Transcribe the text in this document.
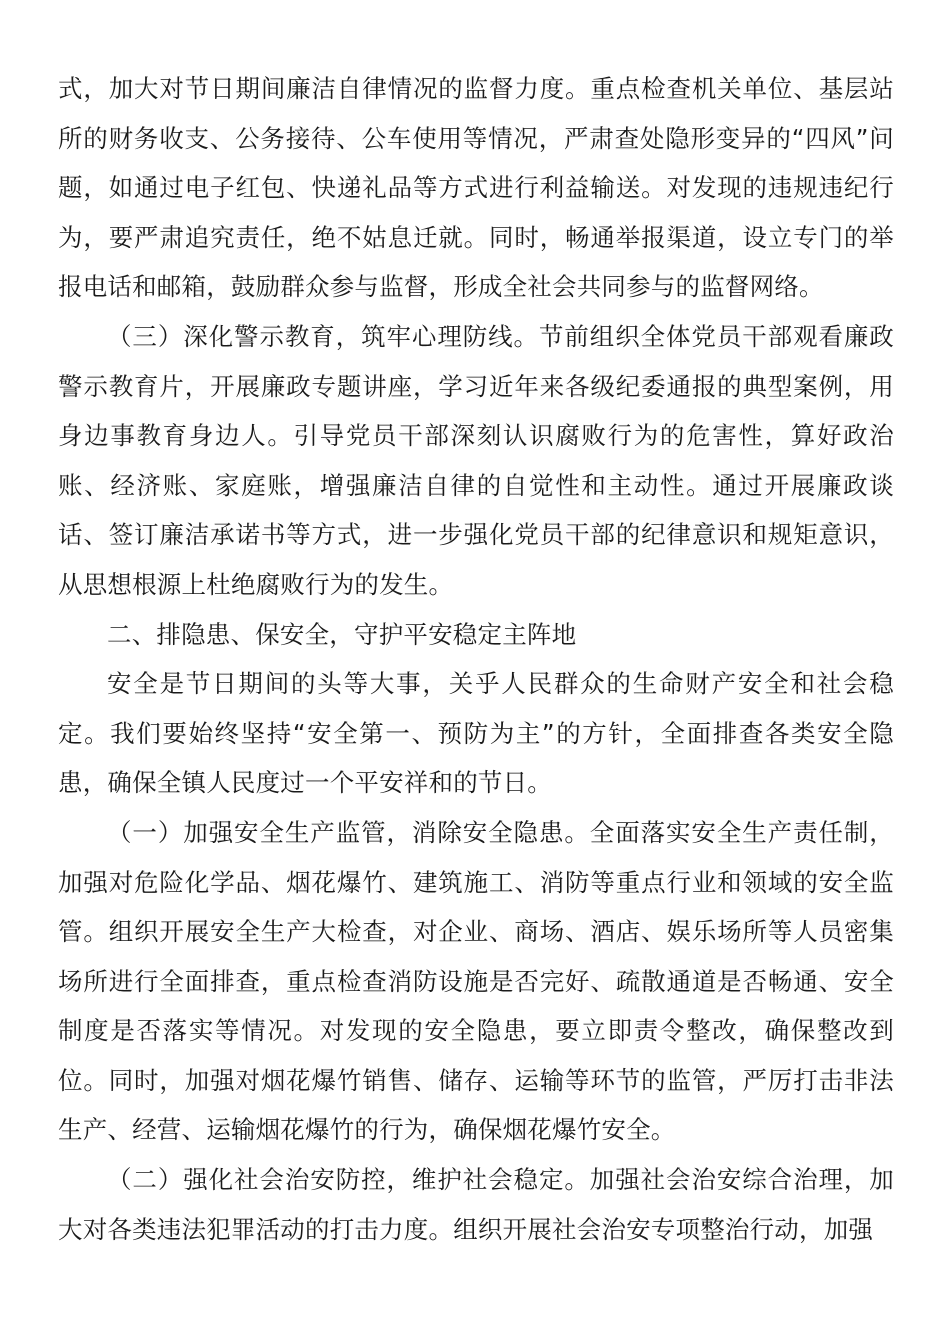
式，加大对节日期间廉洁自律情况的监督力度。重点检查机关单位、基层站所的财务收支、公务接待、公车使用等情况，严肃查处隐形变异的“四风”问题，如通过电子红包、快递礼品等方式进行利益输送。对发现的违规违纪行为，要严肃追究责任，绝不姑息迁就。同时，畅通举报渠道，设立专门的举报电话和邮箱，鼓励群众参与监督，形成全社会共同参与的监督网络。

（三）深化警示教育，筑牢心理防线。节前组织全体党员干部观看廉政警示教育片，开展廉政专题讲座，学习近年来各级纪委通报的典型案例，用身边事教育身边人。引导党员干部深刻认识腐败行为的危害性，算好政治账、经济账、家庭账，增强廉洁自律的自觉性和主动性。通过开展廉政谈话、签订廉洁承诺书等方式，进一步强化党员干部的纪律意识和规矩意识，从思想根源上杜绝腐败行为的发生。

二、排隐患、保安全，守护平安稳定主阵地

安全是节日期间的头等大事，关乎人民群众的生命财产安全和社会稳定。我们要始终坚持“安全第一、预防为主”的方针，全面排查各类安全隐患，确保全镇人民度过一个平安祥和的节日。

（一）加强安全生产监管，消除安全隐患。全面落实安全生产责任制，加强对危险化学品、烟花爆竹、建筑施工、消防等重点行业和领域的安全监管。组织开展安全生产大检查，对企业、商场、酒店、娱乐场所等人员密集场所进行全面排查，重点检查消防设施是否完好、疏散通道是否畅通、安全制度是否落实等情况。对发现的安全隐患，要立即责令整改，确保整改到位。同时，加强对烟花爆竹销售、储存、运输等环节的监管，严厉打击非法生产、经营、运输烟花爆竹的行为，确保烟花爆竹安全。

（二）强化社会治安防控，维护社会稳定。加强社会治安综合治理，加大对各类违法犯罪活动的打击力度。组织开展社会治安专项整治行动，加强
